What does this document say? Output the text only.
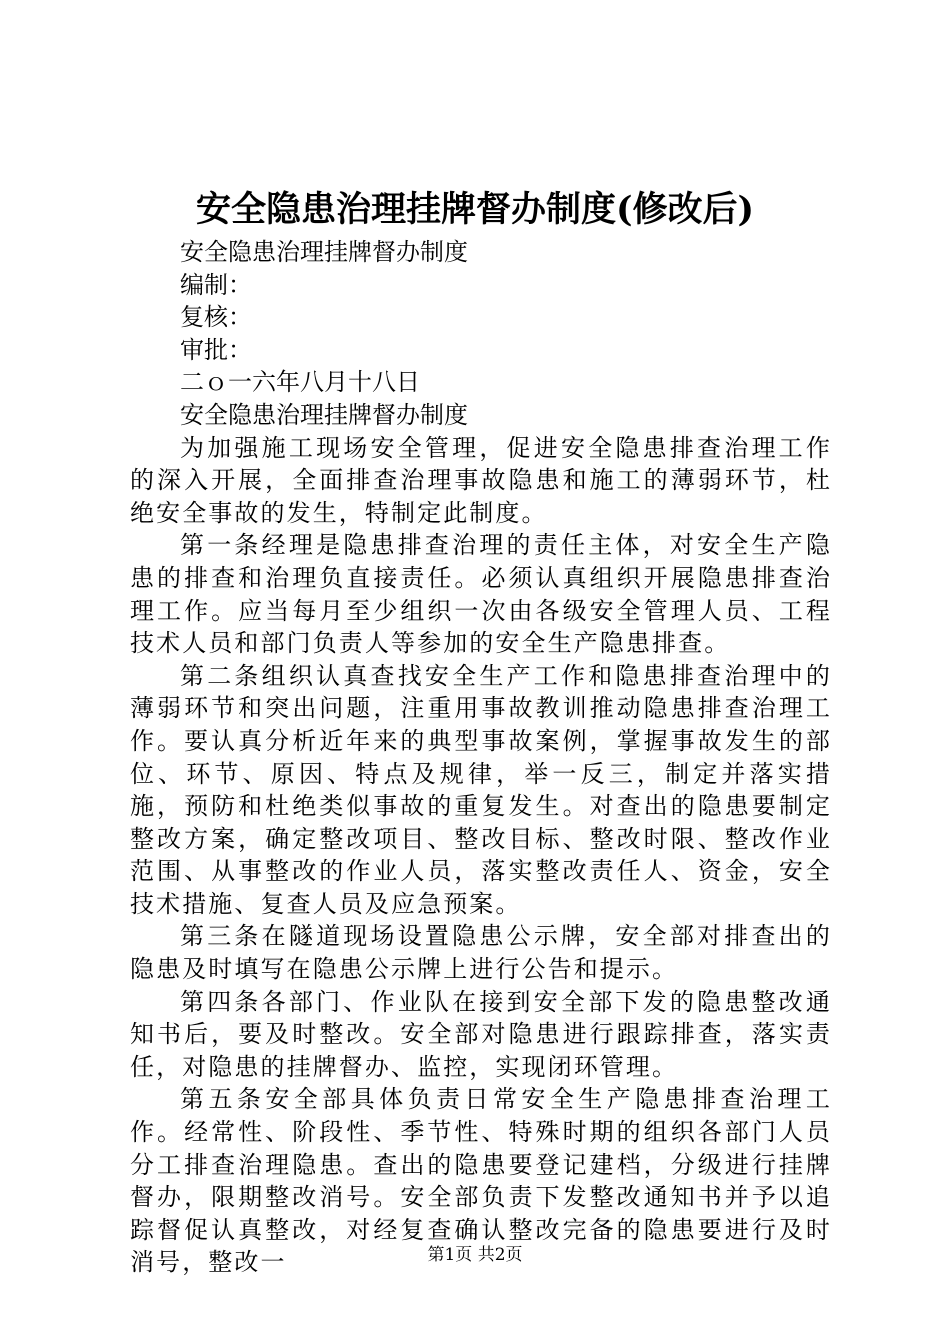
安全隐患治理挂牌督办制度(修改后)

安全隐患治理挂牌督办制度

编制：

复核：

审批：

二ｏ一六年八月十八日

安全隐患治理挂牌督办制度

为加强施工现场安全管理，促进安全隐患排查治理工作的深入开展，全面排查治理事故隐患和施工的薄弱环节，杜绝安全事故的发生，特制定此制度。

第一条经理是隐患排查治理的责任主体，对安全生产隐患的排查和治理负直接责任。必须认真组织开展隐患排查治理工作。应当每月至少组织一次由各级安全管理人员、工程技术人员和部门负责人等参加的安全生产隐患排查。

第二条组织认真查找安全生产工作和隐患排查治理中的薄弱环节和突出问题，注重用事故教训推动隐患排查治理工作。要认真分析近年来的典型事故案例，掌握事故发生的部位、环节、原因、特点及规律，举一反三，制定并落实措施，预防和杜绝类似事故的重复发生。对查出的隐患要制定整改方案，确定整改项目、整改目标、整改时限、整改作业范围、从事整改的作业人员，落实整改责任人、资金，安全技术措施、复查人员及应急预案。

第三条在隧道现场设置隐患公示牌，安全部对排查出的隐患及时填写在隐患公示牌上进行公告和提示。

第四条各部门、作业队在接到安全部下发的隐患整改通知书后，要及时整改。安全部对隐患进行跟踪排查，落实责任，对隐患的挂牌督办、监控，实现闭环管理。

第五条安全部具体负责日常安全生产隐患排查治理工作。经常性、阶段性、季节性、特殊时期的组织各部门人员分工排查治理隐患。查出的隐患要登记建档，分级进行挂牌督办，限期整改消号。安全部负责下发整改通知书并予以追踪督促认真整改，对经复查确认整改完备的隐患要进行及时消号，整改一	第1页 共2页
